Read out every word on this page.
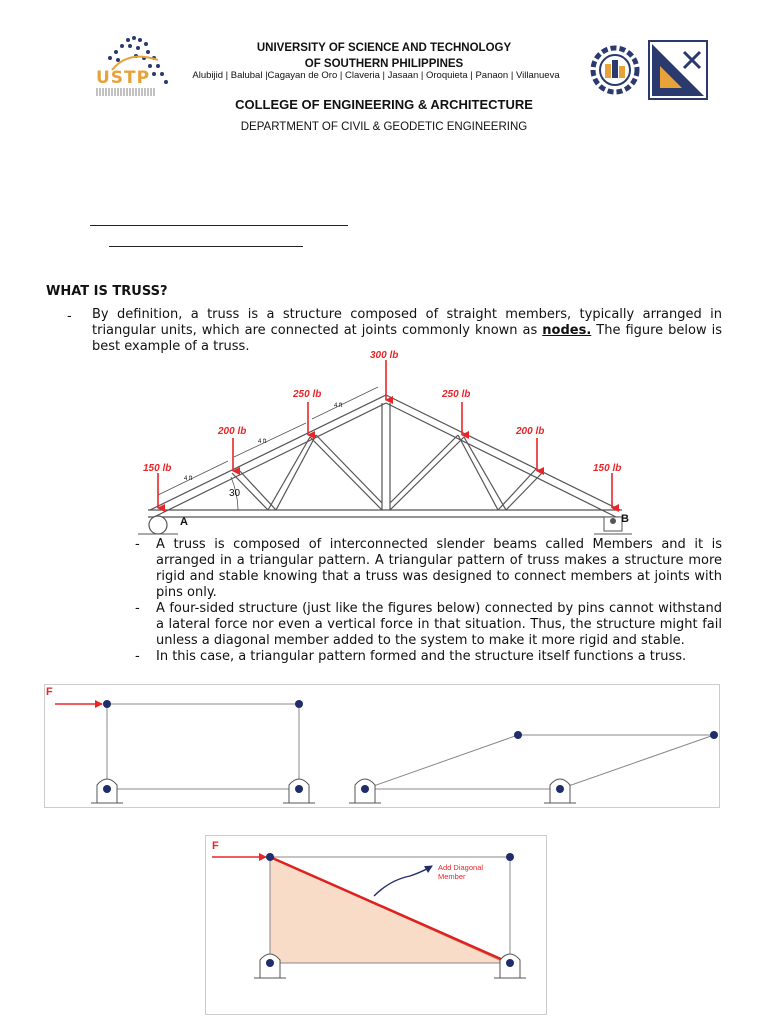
USTP
UNIVERSITY OF SCIENCE AND TECHNOLOGY
OF SOUTHERN PHILIPPINES
Alubijid | Balubal |Cagayan de Oro | Claveria | Jasaan | Oroquieta | Panaon | Villanueva
COLLEGE OF ENGINEERING & ARCHITECTURE
DEPARTMENT OF CIVIL & GEODETIC ENGINEERING
WHAT IS TRUSS?
- By definition, a truss is a structure composed of straight members, typically arranged in triangular units, which are connected at joints commonly known as nodes. The figure below is best example of a truss.
150 lb
200 lb
250 lb
300 lb
250 lb
200 lb
150 lb
4 ft
4 ft
4 ft
30
A	B
- A truss is composed of interconnected slender beams called Members and it is arranged in a triangular pattern. A triangular pattern of truss makes a structure more rigid and stable knowing that a truss was designed to connect members at joints with pins only.
- A four-sided structure (just like the figures below) connected by pins cannot withstand a lateral force nor even a vertical force in that situation. Thus, the structure might fail unless a diagonal member added to the system to make it more rigid and stable.
- In this case, a triangular pattern formed and the structure itself functions a truss.
F
F
Add Diagonal
Member
